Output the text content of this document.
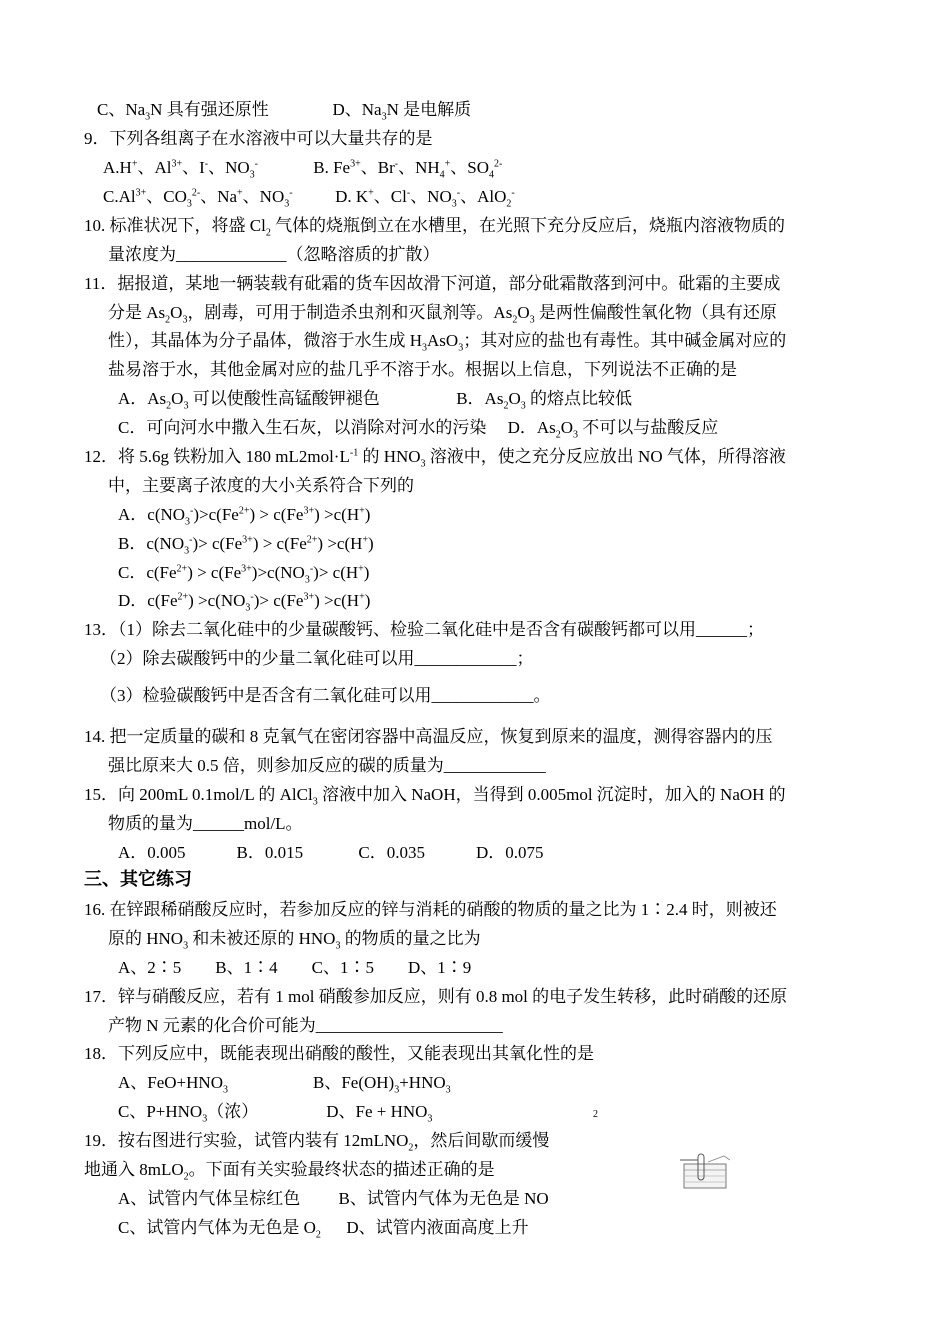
C、$Na_3N$ 具有强还原性               D、$Na_3N$ 是电解质
9．下列各组离子在水溶液中可以大量共存的是
A.H+、$Al^{3+}$、I-、$NO_3^-$             B. $Fe^{3+}$、Br-、$NH_4^+$、$SO_4^{2-}$
$C.Al^{3+}$、$CO_3^{2-}$、Na+、$NO_3^-$          D. K+、Cl-、$NO_3^-$、AlO$_2$-
10. 标准状况下，将盛 $Cl_2$ 气体的烧瓶倒立在水槽里，在光照下充分反应后，烧瓶内溶液物质的
量浓度为_____________（忽略溶质的扩散）
11．据报道，某地一辆装载有砒霜的货车因故滑下河道，部分砒霜散落到河中。砒霜的主要成
分是 $As_2O_3$，剧毒，可用于制造杀虫剂和灭鼠剂等。$As_2O_3$ 是两性偏酸性氧化物（具有还原
性），其晶体为分子晶体，微溶于水生成 $H_3AsO_3$；其对应的盐也有毒性。其中碱金属对应的
盐易溶于水，其他金属对应的盐几乎不溶于水。根据以上信息，下列说法不正确的是
A．$As_2O_3$ 可以使酸性高锰酸钾褪色                  B．$As_2O_3$ 的熔点比较低
C．可向河水中撒入生石灰，以消除对河水的污染     D．$As_2O_3$ 不可以与盐酸反应
12．将 5.6g 铁粉加入 180 $mL2mol\cdot L^{-1}$ 的 $HNO_3$ 溶液中，使之充分反应放出 NO 气体，所得溶液
中，主要离子浓度的大小关系符合下列的
A．$c(NO_3^-)>c(Fe^{2+}) > c(Fe^{3+}) >c(H^+)$
B．$c(NO_3^-)> c(Fe^{3+}) > c(Fe^{2+}) >c(H^+)$
C．$c(Fe^{2+}) > c(Fe^{3+})>c(NO_3^-)> c(H^+)$
D．$c(Fe^{2+}) >c(NO_3^-)> c(Fe^{3+}) >c(H^+)$
13．（1）除去二氧化硅中的少量碳酸钙、检验二氧化硅中是否含有碳酸钙都可以用______；
（2）除去碳酸钙中的少量二氧化硅可以用____________；
（3）检验碳酸钙中是否含有二氧化硅可以用____________。
14. 把一定质量的碳和 8 克氧气在密闭容器中高温反应，恢复到原来的温度，测得容器内的压
强比原来大 0.5 倍，则参加反应的碳的质量为____________
15．向 200mL 0.1mol/L 的 AlCl$_3$ 溶液中加入 NaOH，当得到 0.005mol 沉淀时，加入的 NaOH 的
物质的量为______mol/L。
A．0.005            B．0.015             C．0.035            D．0.075
三、其它练习
16. 在锌跟稀硝酸反应时，若参加反应的锌与消耗的硝酸的物质的量之比为 1∶2.4 时，则被还
原的 $HNO_3$ 和未被还原的 $HNO_3$ 的物质的量之比为
A、2∶5        B、1∶4        C、1∶5        D、1∶9
17．锌与硝酸反应，若有 1 mol 硝酸参加反应，则有 0.8 mol 的电子发生转移，此时硝酸的还原
产物 N 元素的化合价可能为______________________
18．下列反应中，既能表现出硝酸的酸性，又能表现出其氧化性的是
A、$FeO+HNO_3$                    B、$Fe(OH)_3+HNO_3$
C、$P+HNO_3$（浓）                D、$Fe + HNO_3$	2
19．按右图进行实验，试管内装有 12mLNO$_2$，然后间歇而缓慢
地通入 8mLO$_2$。下面有关实验最终状态的描述正确的是
A、试管内气体呈棕红色         B、试管内气体为无色是 NO
C、试管内气体为无色是 $O_2$      D、试管内液面高度上升
